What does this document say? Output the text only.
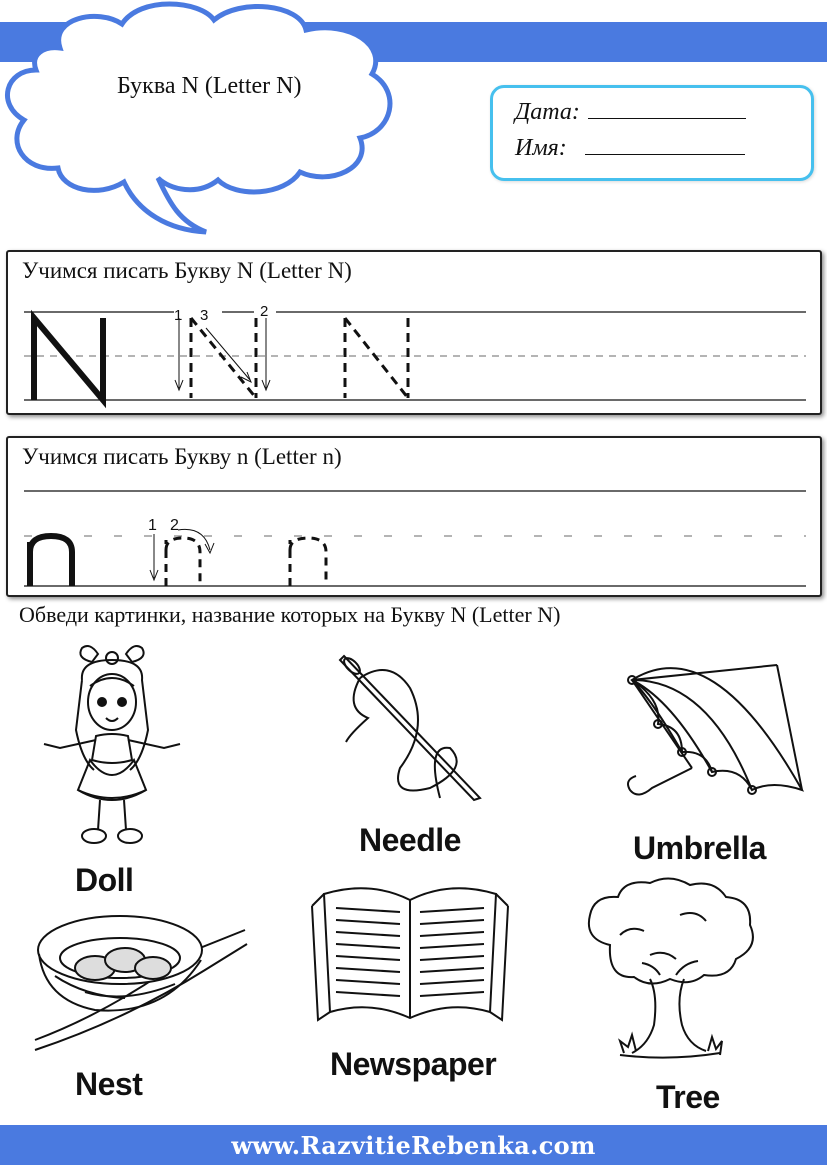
Буква N (Letter N)
Дата:
Имя:
1 3	2
Учимся писать Букву N (Letter N)
1 2
Учимся писать Букву n (Letter n)
Обведи картинки, название которых на Букву N (Letter N)
Doll
Needle	Umbrella
Nest
Newspaper
Tree
www.RazvitieRebenka.com
